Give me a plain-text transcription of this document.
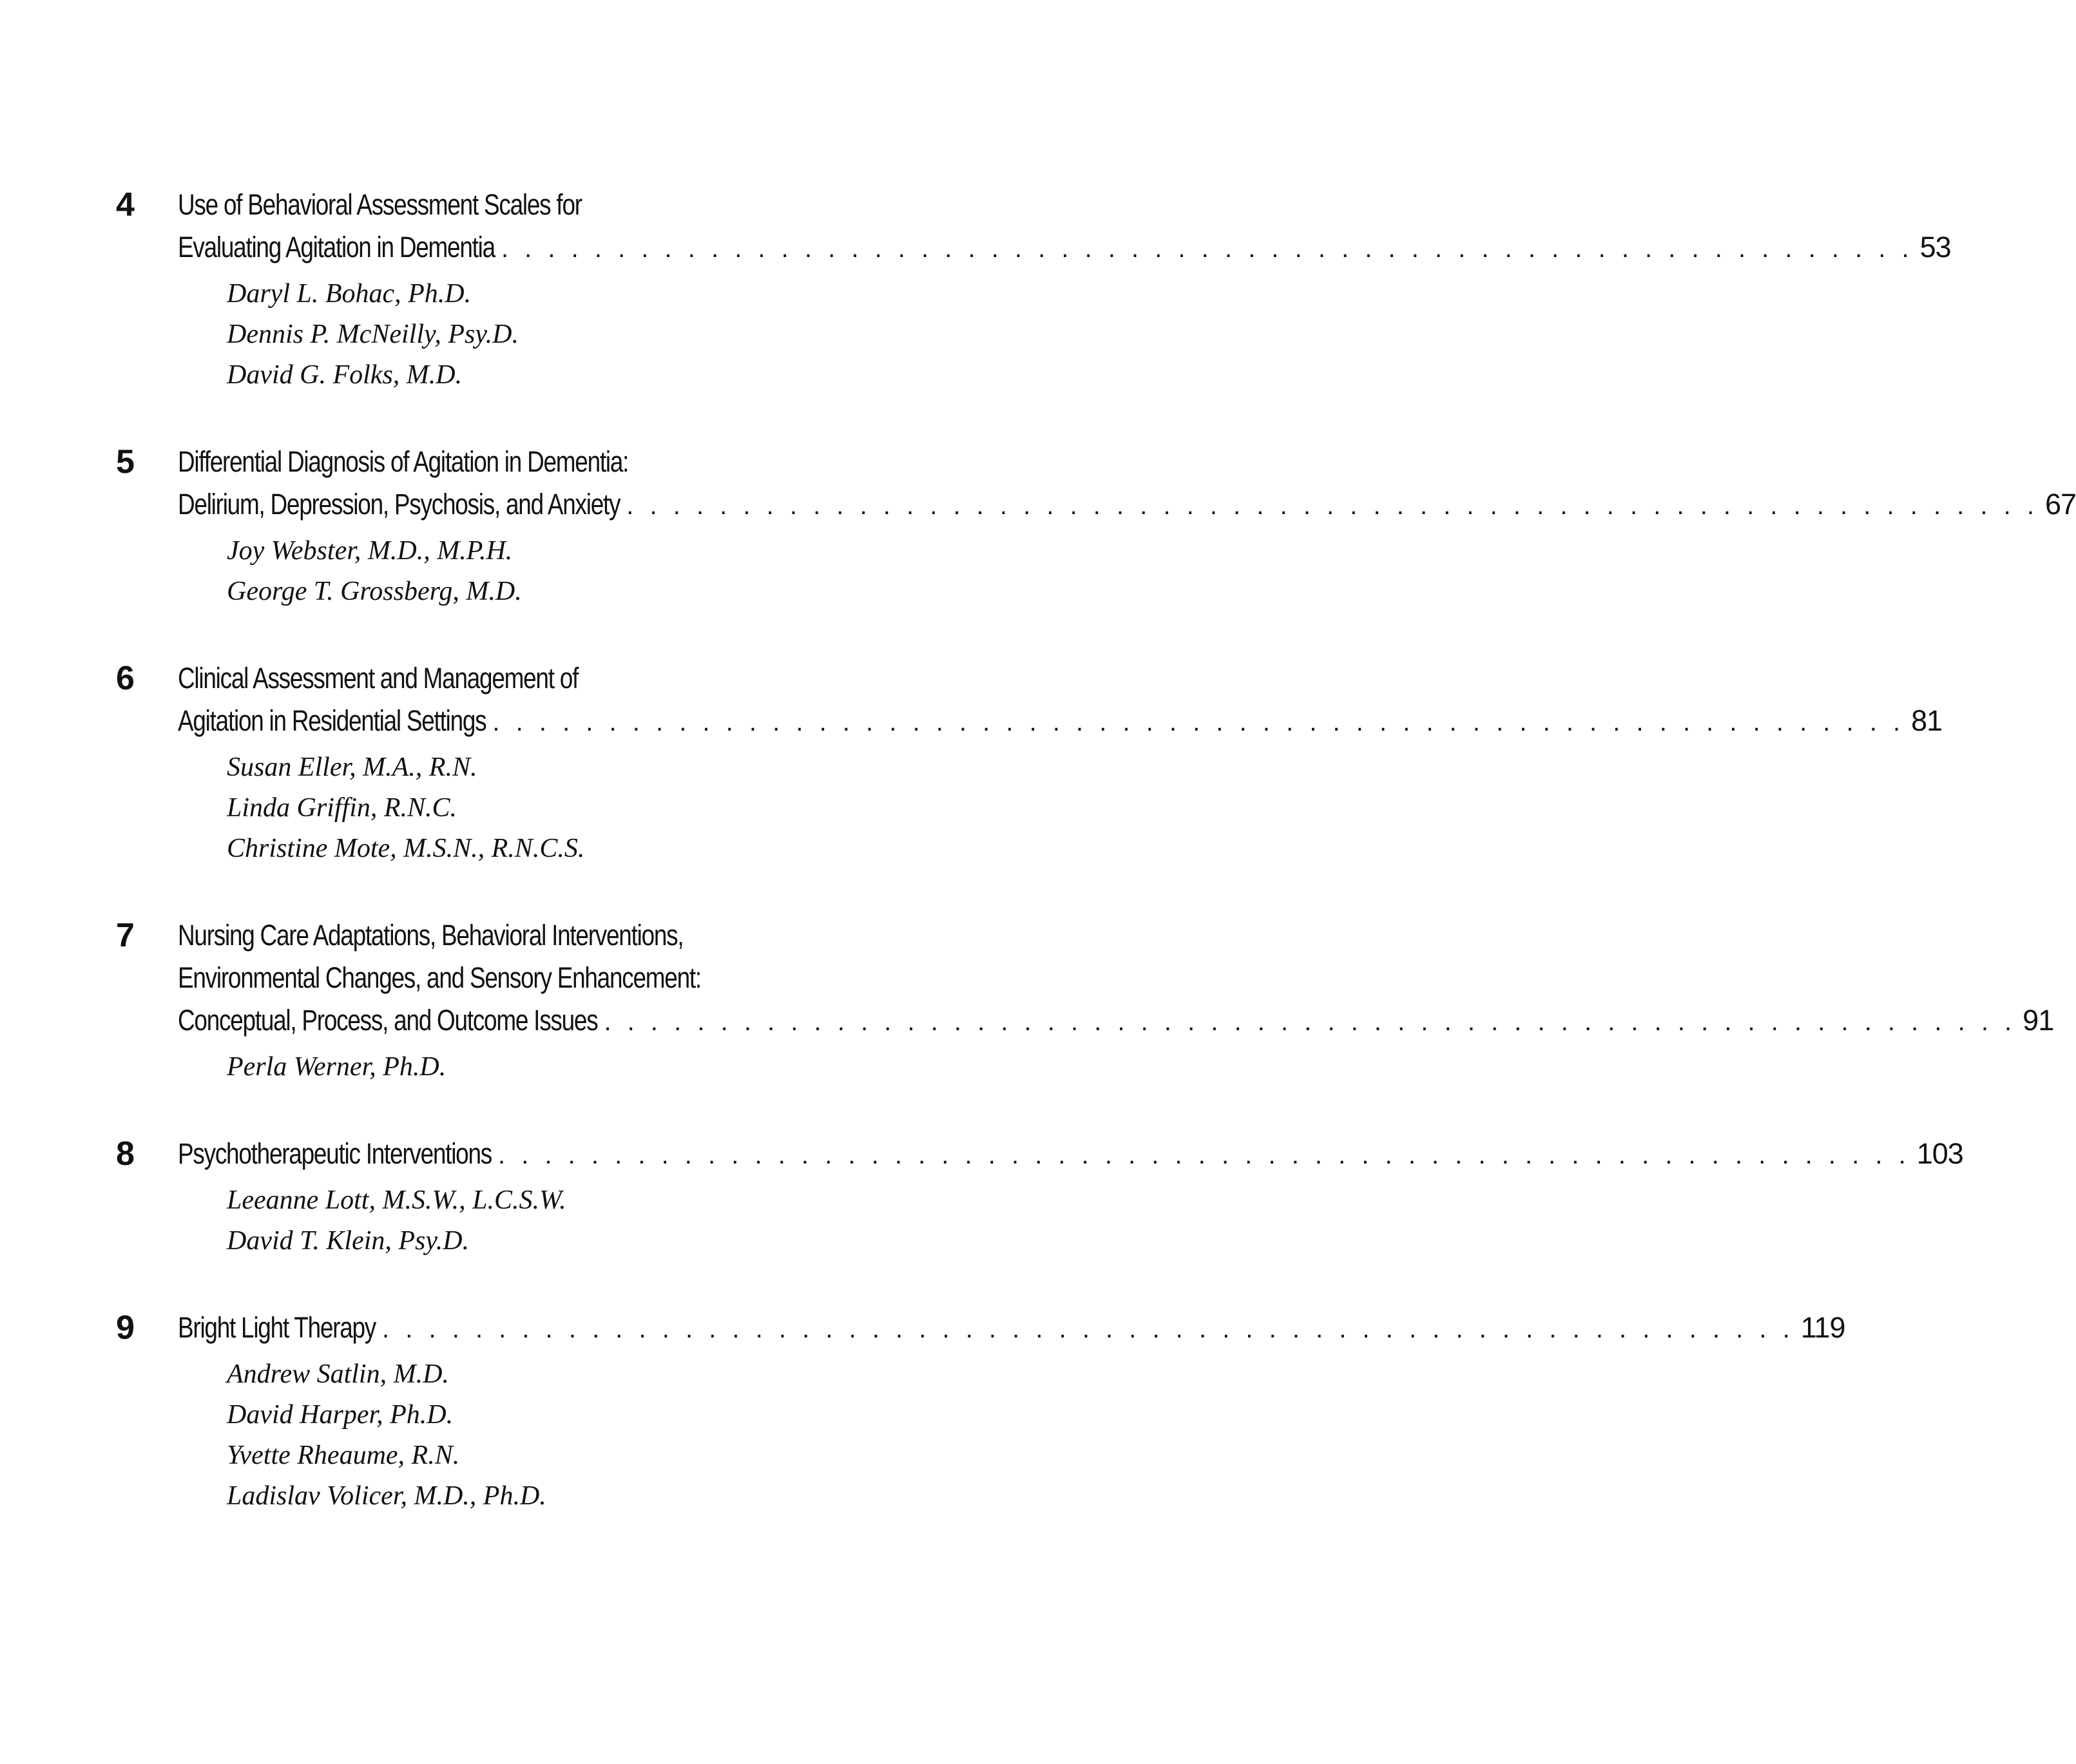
4	Use of Behavioral Assessment Scales for
Evaluating Agitation in Dementia . . . . . . . . . . . . . . . . . . . . . . . . . . . . . . . . . . . . . . . . . . . . . . . . . . . . . . . . . . . . . 53
Daryl L. Bohac, Ph.D.
Dennis P. McNeilly, Psy.D.
David G. Folks, M.D.
5	Differential Diagnosis of Agitation in Dementia:
Delirium, Depression, Psychosis, and Anxiety . . . . . . . . . . . . . . . . . . . . . . . . . . . . . . . . . . . . . . . . . . . . . . . . . . . . . . . . . . . . . 67
Joy Webster, M.D., M.P.H.
George T. Grossberg, M.D.
6	Clinical Assessment and Management of
Agitation in Residential Settings . . . . . . . . . . . . . . . . . . . . . . . . . . . . . . . . . . . . . . . . . . . . . . . . . . . . . . . . . . . . . 81
Susan Eller, M.A., R.N.
Linda Griffin, R.N.C.
Christine Mote, M.S.N., R.N.C.S.
7	Nursing Care Adaptations, Behavioral Interventions,
Environmental Changes, and Sensory Enhancement:
Conceptual, Process, and Outcome Issues . . . . . . . . . . . . . . . . . . . . . . . . . . . . . . . . . . . . . . . . . . . . . . . . . . . . . . . . . . . . . 91
Perla Werner, Ph.D.
8	Psychotherapeutic Interventions . . . . . . . . . . . . . . . . . . . . . . . . . . . . . . . . . . . . . . . . . . . . . . . . . . . . . . . . . . . . . 103
Leeanne Lott, M.S.W., L.C.S.W.
David T. Klein, Psy.D.
9	Bright Light Therapy . . . . . . . . . . . . . . . . . . . . . . . . . . . . . . . . . . . . . . . . . . . . . . . . . . . . . . . . . . . . . 119
Andrew Satlin, M.D.
David Harper, Ph.D.
Yvette Rheaume, R.N.
Ladislav Volicer, M.D., Ph.D.
